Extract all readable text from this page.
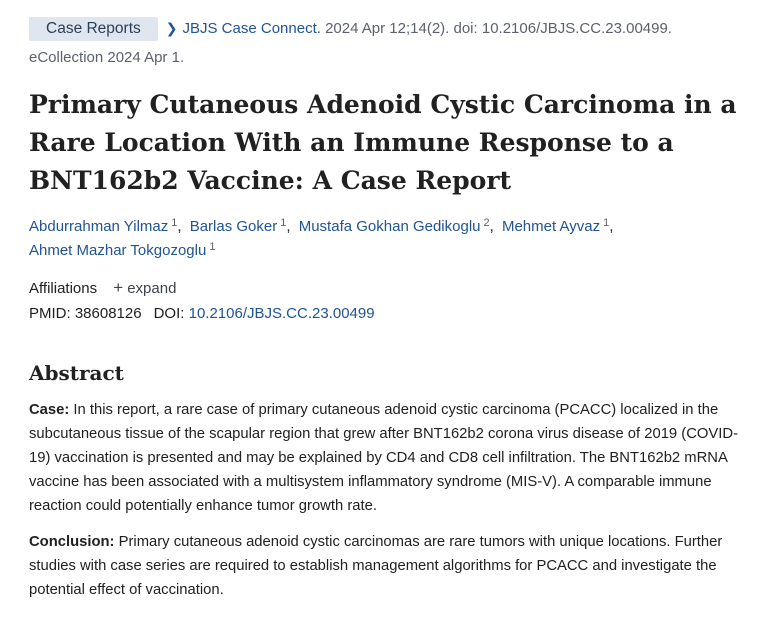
Case Reports ❯ JBJS Case Connect. 2024 Apr 12;14(2). doi: 10.2106/JBJS.CC.23.00499.
eCollection 2024 Apr 1.
Primary Cutaneous Adenoid Cystic Carcinoma in a Rare Location With an Immune Response to a BNT162b2 Vaccine: A Case Report
Abdurrahman Yilmaz $^1$, Barlas Goker $^1$, Mustafa Gokhan Gedikoglu $^2$, Mehmet Ayvaz $^1$,
Ahmet Mazhar Tokgozoglu $^1$
Affiliations + expand
PMID: 38608126 DOI: 10.2106/JBJS.CC.23.00499
Abstract

Case: In this report, a rare case of primary cutaneous adenoid cystic carcinoma (PCACC) localized in the subcutaneous tissue of the scapular region that grew after BNT162b2 corona virus disease of 2019 (COVID-19) vaccination is presented and may be explained by CD4 and CD8 cell infiltration. The BNT162b2 mRNA vaccine has been associated with a multisystem inflammatory syndrome (MIS-V). A comparable immune reaction could potentially enhance tumor growth rate.

Conclusion: Primary cutaneous adenoid cystic carcinomas are rare tumors with unique locations. Further studies with case series are required to establish management algorithms for PCACC and investigate the potential effect of vaccination.
